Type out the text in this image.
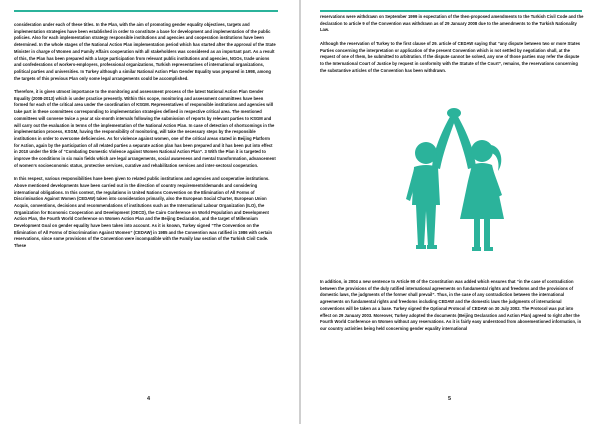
consideration under each of these titles. In the Plan, with the aim of promoting gender equality objectives, targets and implementation strategies have been established in order to constitute a base for development and implementation of the public policies. Also for each implementation strategy responsible institutions and agencies and cooperation institutions have been determined. In the whole stages of the National Action Plan implementation period which has started after the approval of the State Minister in charge of Women and Family Affairs cooperation with all stakeholders was considered as an important part. As a result of this, the Plan has been prepared with a large participation from relevant public institutions and agencies, NGOs, trade unions and confederations of workers-employers, professional organizations, Turkish representatives of international organizations, political parties and universities. In Turkey although a similar National Action Plan Gender Equality was prepared in 1998, among the targets of this previous Plan only some legal arrangements could be accomplished.

Therefore, it is given utmost importance to the monitoring and assessment process of the latest National Action Plan Gender Equality (2008-2013) which is under practice presently. Within this scope, monitoring and assessment committees have been formed for each of the critical area under the coordination of KSGM. Representatives of responsible institutions and agencies will take part in these committees corresponding to implementation strategies defined in respective critical area. The mentioned committees will convene twice a year at six-month intervals following the submission of reports by relevant parties to KSGM and will carry out the evaluation in terms of the implementation of the National Action Plan. In case of detection of shortcomings in the implementation process, KSGM, having the responsibility of monitoring, will take the necessary steps by the responsible institutions in order to overcome deficiencies. As for violence against women, one of the critical areas stated in Beijing Platform for Action, again by the participation of all related parties a separate action plan has been prepared and it has been put into effect in 2010 under the title of “Combating Domestic Violence against Women National Action Plan”. 3 With the Plan it is targeted to improve the conditions in six main fields which are legal arrangements, social awareness and mental transformation, advancement of women’s socioeconomic status, protective services, curative and rehabilitation services and inter-sectoral cooperation.

In this respect, various responsibilities have been given to related public institutions and agencies and cooperative institutions. Above mentioned developments have been carried out in the direction of country requirements/demands and considering international obligations. In this context, the regulations in United Nations Convention on the Elimination of All Forms of Discrimination Against Women (CEDAW) taken into consideration primarily, also the European Social Charter, European Union Acquis, conventions, decisions and recommendations of institutions such as the International Labour Organization (ILO), the Organization for Economic Cooperation and Development (OECD), the Cairo Conference on World Population and Development Action Plan, the Fourth World Conference on Women Action Plan and the Beijing Declaration, and the target of Millennium Development Goal on gender equality have been taken into account. As it is known, Turkey signed “The Convention on the Elimination of All Forms of Discrimination Against Women” (CEDAW) in 1985 and the Convention was ratified in 1986 with certain reservations, since some provisions of the Convention were incompatible with the Family law section of the Turkish Civil Code. These

4

reservations were withdrawn on September 1999 in expectation of the then-proposed amendments to the Turkish Civil Code and the declaration to article 9 of the Convention was withdrawn as of 29 January 2008 due to the amendments to the Turkish Nationality Law.

Although the reservation of Turkey to the first clause of 29. article of CEDAW saying that “any dispute between two or more States Parties concerning the interpretation or application of the present Convention which is not settled by negotiation shall, at the request of one of them, be submitted to arbitration. If the dispute cannot be solved, any one of those parties may refer the dispute to the International Court of Justice by request in conformity with the Statute of the Court”, remains, the reservations concerning the substantive articles of the Convention has been withdrawn.

In addition, in 2004 a new sentence to Article 90 of the Constitution was added which ensures that “in the case of contradiction between the provisions of the duly ratified international agreements on fundamental rights and freedoms and the provisions of domestic laws, the judgments of the former shall prevail”. Thus, in the case of any contradiction between the international agreements on fundamental rights and freedoms including CEDAW and the domestic laws the judgments of international conventions will be taken as a base. Turkey signed the Optional Protocol of CEDAW on 30 July 2002. The Protocol was put into effect on 29 January 2003. Moreover, Turkey adopted the documents (Beijing Declaration and Action Plan) agreed to right after the Fourth World Conference on Women without any reservations. As it is fairly easy understood from abovementioned information, in our country activities being held concerning gender equality international

5
